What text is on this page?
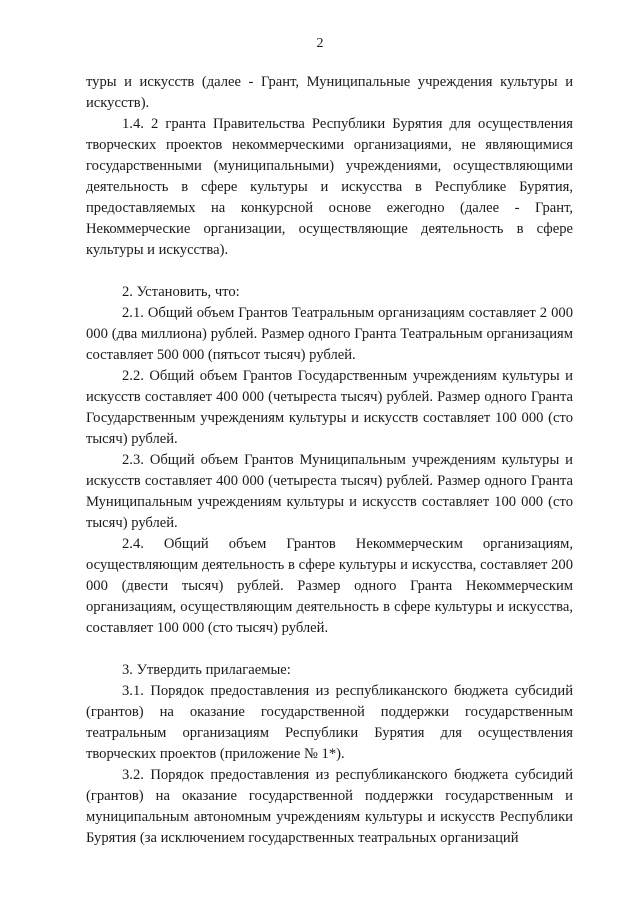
2

туры и искусств (далее - Грант, Муниципальные учреждения культуры и искусств).

1.4. 2 гранта Правительства Республики Бурятия для осуществления творческих проектов некоммерческими организациями, не являющимися государственными (муниципальными) учреждениями, осуществляющими деятельность в сфере культуры и искусства в Республике Бурятия, предоставляемых на конкурсной основе ежегодно (далее - Грант, Некоммерческие организации, осуществляющие деятельность в сфере культуры и искусства).

2. Установить, что:

2.1. Общий объем Грантов Театральным организациям составляет 2 000 000 (два миллиона) рублей. Размер одного Гранта Театральным организациям составляет 500 000 (пятьсот тысяч) рублей.

2.2. Общий объем Грантов Государственным учреждениям культуры и искусств составляет 400 000 (четыреста тысяч) рублей. Размер одного Гранта Государственным учреждениям культуры и искусств составляет 100 000 (сто тысяч) рублей.

2.3. Общий объем Грантов Муниципальным учреждениям культуры и искусств составляет 400 000 (четыреста тысяч) рублей. Размер одного Гранта Муниципальным учреждениям культуры и искусств составляет 100 000 (сто тысяч) рублей.

2.4. Общий объем Грантов Некоммерческим организациям, осуществляющим деятельность в сфере культуры и искусства, составляет 200 000 (двести тысяч) рублей. Размер одного Гранта Некоммерческим организациям, осуществляющим деятельность в сфере культуры и искусства, составляет 100 000 (сто тысяч) рублей.

3. Утвердить прилагаемые:

3.1. Порядок предоставления из республиканского бюджета субсидий (грантов) на оказание государственной поддержки государственным театральным организациям Республики Бурятия для осуществления творческих проектов (приложение № 1*).

3.2. Порядок предоставления из республиканского бюджета субсидий (грантов) на оказание государственной поддержки государственным и муниципальным автономным учреждениям культуры и искусств Республики Бурятия (за исключением государственных театральных организаций
